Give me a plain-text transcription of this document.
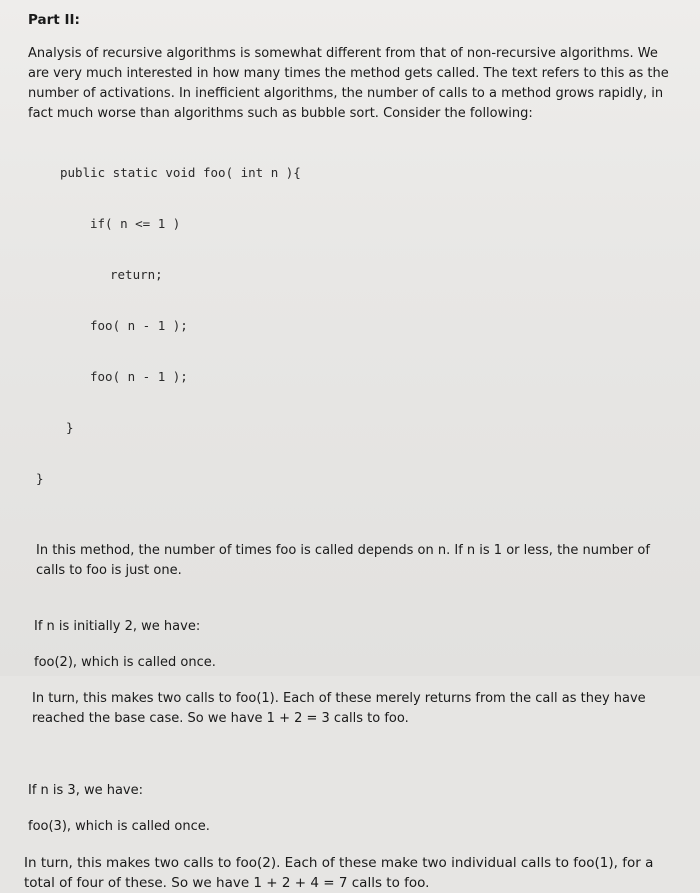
Part II:

Analysis of recursive algorithms is somewhat different from that of non-recursive algorithms. We are very much interested in how many times the method gets called. The text refers to this as the number of activations. In inefficient algorithms, the number of calls to a method grows rapidly, in fact much worse than algorithms such as bubble sort. Consider the following:

public static void foo( int n ){

if( n <= 1 )

return;

foo( n - 1 );

foo( n - 1 );

}

}

In this method, the number of times foo is called depends on n. If n is 1 or less, the number of calls to foo is just one.

If n is initially 2, we have:

foo(2), which is called once.

In turn, this makes two calls to foo(1). Each of these merely returns from the call as they have reached the base case. So we have 1 + 2 = 3 calls to foo.

If n is 3, we have:

foo(3), which is called once.

In turn, this makes two calls to foo(2). Each of these make two individual calls to foo(1), for a total of four of these. So we have 1 + 2 + 4 = 7 calls to foo.
